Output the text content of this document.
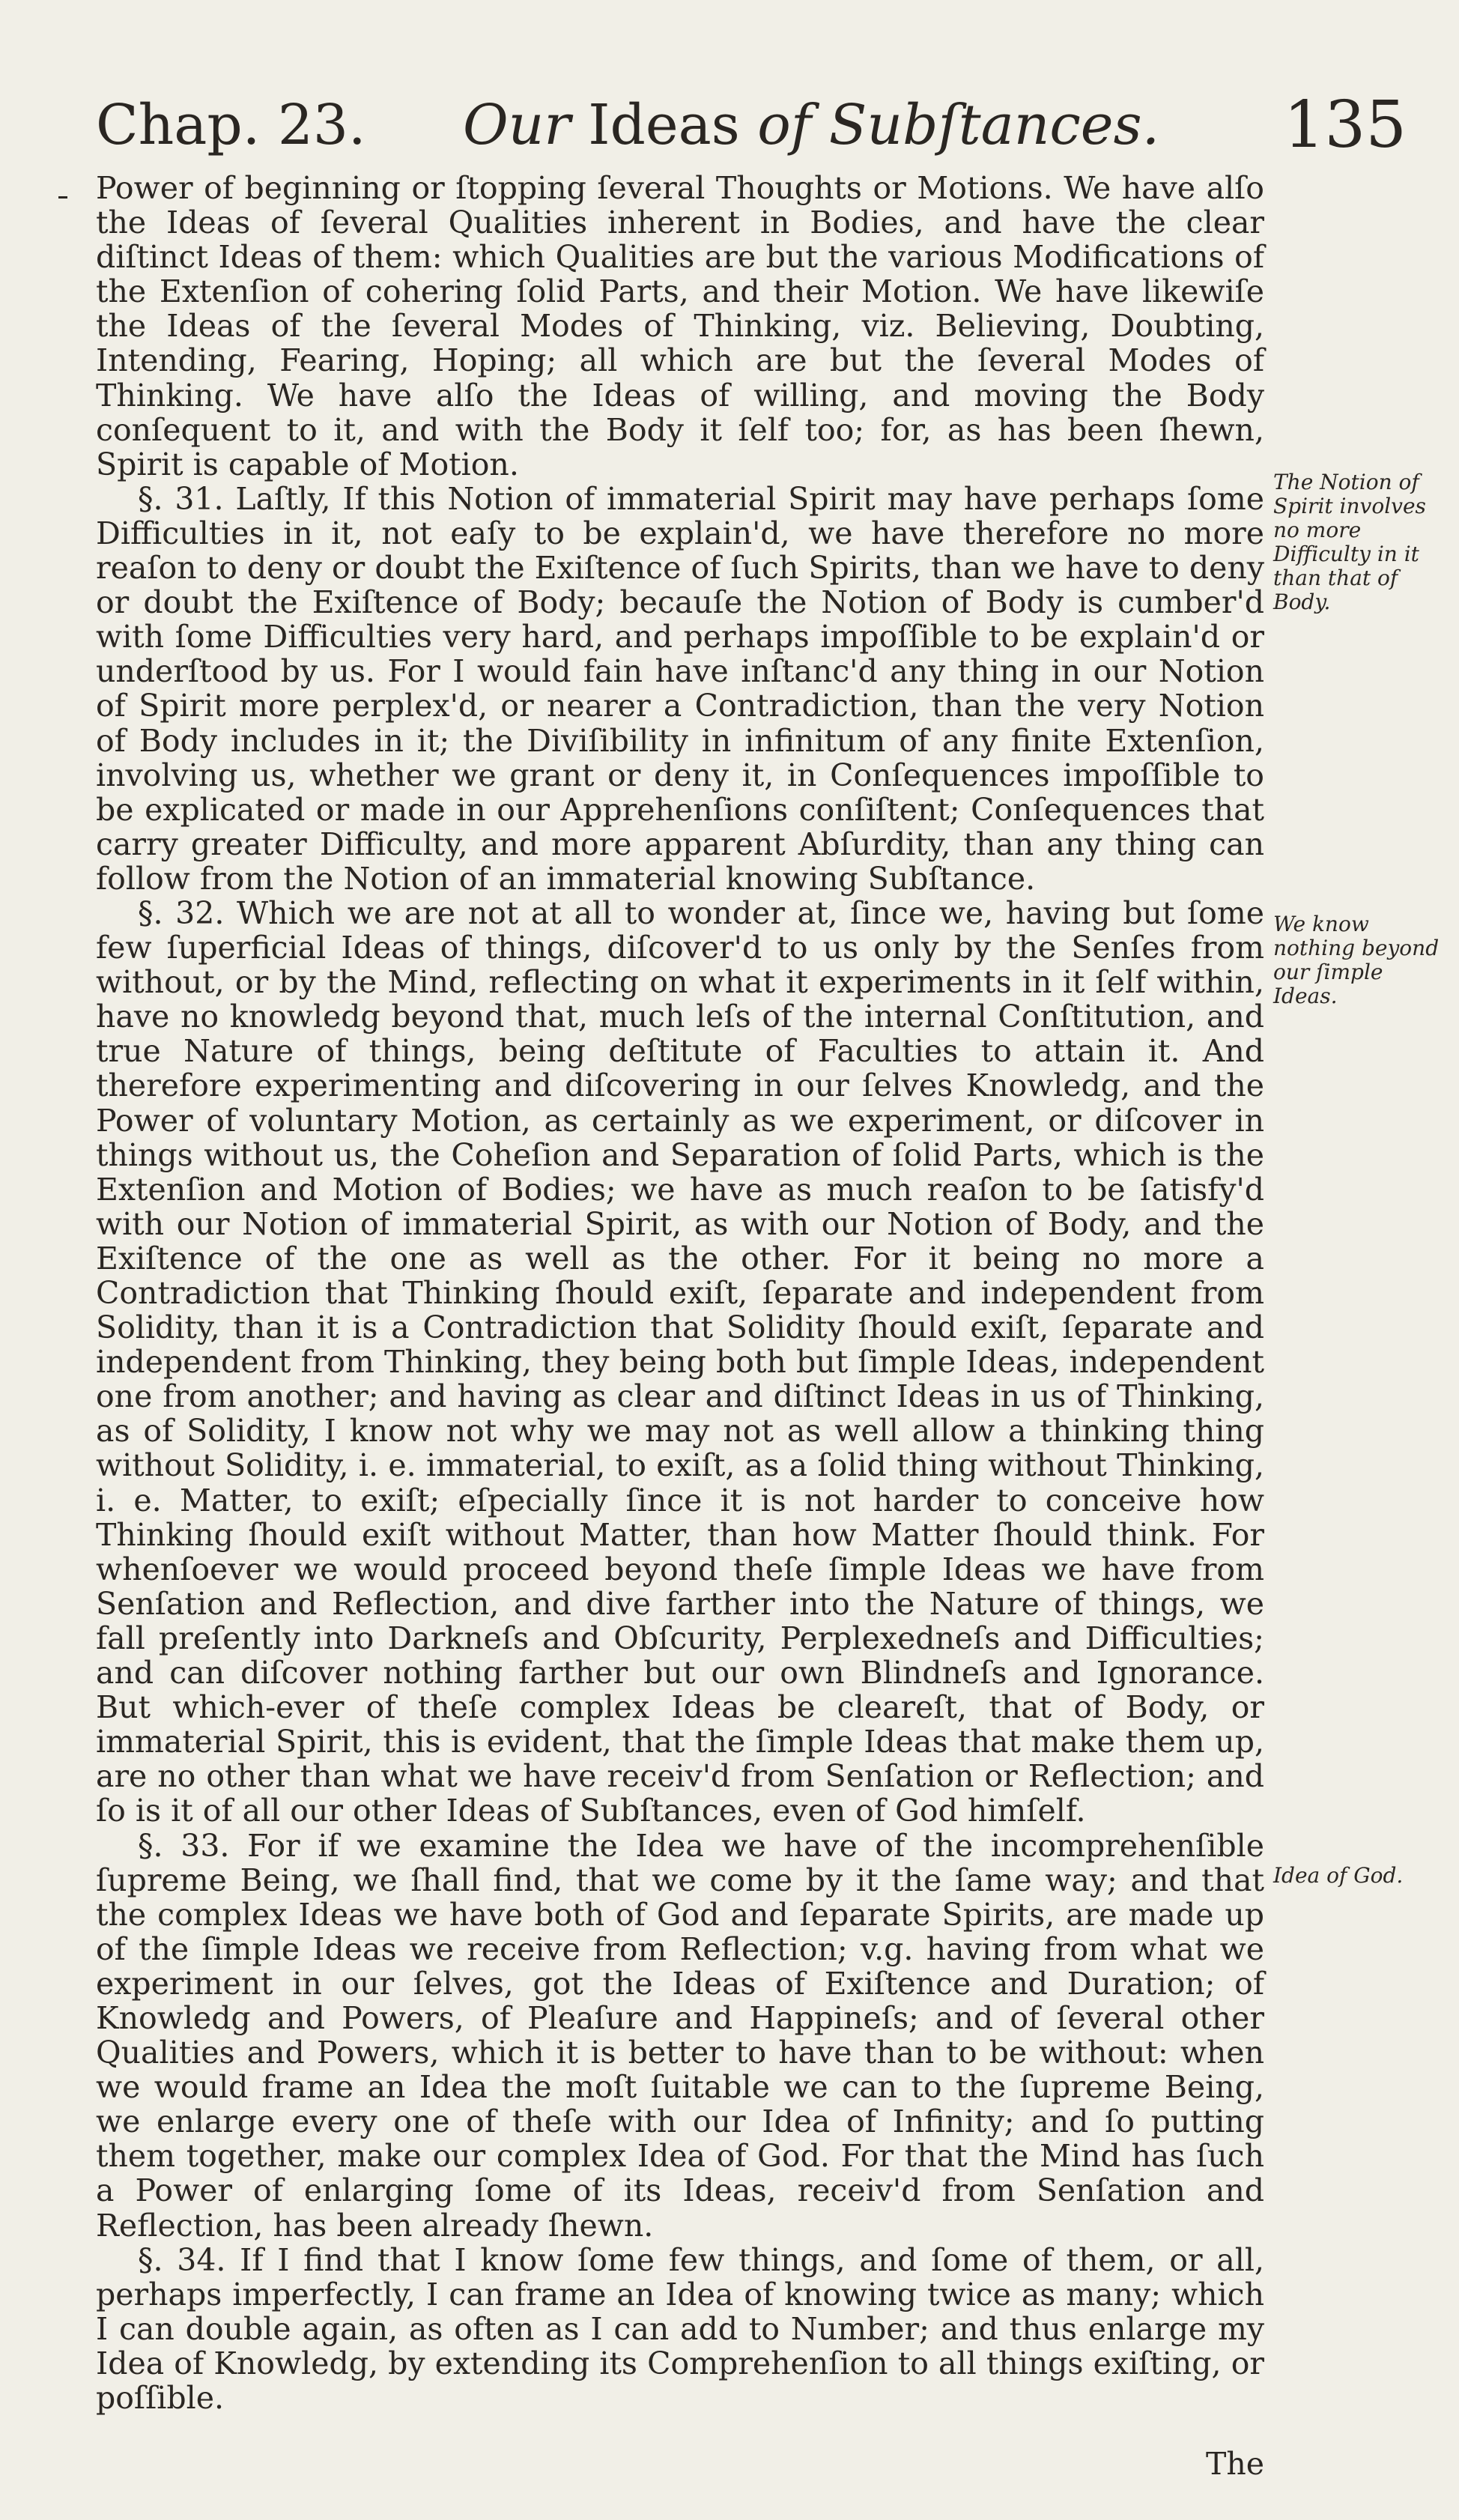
Chap. 23. Our Ideas of Subſtances. 135

Power of beginning or ſtopping ſeveral Thoughts or Motions. We have alſo the Ideas of ſeveral Qualities inherent in Bodies, and have the clear diſtinct Ideas of them: which Qualities are but the various Modifications of the Extenſion of cohering ſolid Parts, and their Motion. We have likewiſe the Ideas of the ſeveral Modes of Thinking, viz. Believing, Doubting, Intending, Fearing, Hoping; all which are but the ſeveral Modes of Thinking. We have alſo the Ideas of willing, and moving the Body conſequent to it, and with the Body it ſelf too; for, as has been ſhewn, Spirit is capable of Motion.

§. 31. Laſtly, If this Notion of immaterial Spirit may have perhaps ſome Difficulties in it, not eaſy to be explain'd, we have therefore no more reaſon to deny or doubt the Exiſtence of ſuch Spirits, than we have to deny or doubt the Exiſtence of Body; becauſe the Notion of Body is cumber'd with ſome Difficulties very hard, and perhaps impoſſible to be explain'd or underſtood by us. For I would fain have inſtanc'd any thing in our Notion of Spirit more perplex'd, or nearer a Contradiction, than the very Notion of Body includes in it; the Diviſibility in infinitum of any finite Extenſion, involving us, whether we grant or deny it, in Conſequences impoſſible to be explicated or made in our Apprehenſions conſiſtent; Conſequences that carry greater Difficulty, and more apparent Abſurdity, than any thing can follow from the Notion of an immaterial knowing Subſtance.

§. 32. Which we are not at all to wonder at, ſince we, having but ſome few ſuperficial Ideas of things, diſcover'd to us only by the Senſes from without, or by the Mind, reflecting on what it experiments in it ſelf within, have no knowledg beyond that, much leſs of the internal Conſtitution, and true Nature of things, being deſtitute of Faculties to attain it. And therefore experimenting and diſcovering in our ſelves Knowledg, and the Power of voluntary Motion, as certainly as we experiment, or diſcover in things without us, the Coheſion and Separation of ſolid Parts, which is the Extenſion and Motion of Bodies; we have as much reaſon to be ſatisfy'd with our Notion of immaterial Spirit, as with our Notion of Body, and the Exiſtence of the one as well as the other. For it being no more a Contradiction that Thinking ſhould exiſt, ſeparate and independent from Solidity, than it is a Contradiction that Solidity ſhould exiſt, ſeparate and independent from Thinking, they being both but ſimple Ideas, independent one from another; and having as clear and diſtinct Ideas in us of Thinking, as of Solidity, I know not why we may not as well allow a thinking thing without Solidity, i. e. immaterial, to exiſt, as a ſolid thing without Thinking, i. e. Matter, to exiſt; eſpecially ſince it is not harder to conceive how Thinking ſhould exiſt without Matter, than how Matter ſhould think. For whenſoever we would proceed beyond theſe ſimple Ideas we have from Senſation and Reflection, and dive farther into the Nature of things, we fall preſently into Darkneſs and Obſcurity, Perplexedneſs and Difficulties; and can diſcover nothing farther but our own Blindneſs and Ignorance. But which-ever of theſe complex Ideas be cleareſt, that of Body, or immaterial Spirit, this is evident, that the ſimple Ideas that make them up, are no other than what we have receiv'd from Senſation or Reflection; and ſo is it of all our other Ideas of Subſtances, even of God himſelf.

§. 33. For if we examine the Idea we have of the incomprehenſible ſupreme Being, we ſhall find, that we come by it the ſame way; and that the complex Ideas we have both of God and ſeparate Spirits, are made up of the ſimple Ideas we receive from Reflection; v.g. having from what we experiment in our ſelves, got the Ideas of Exiſtence and Duration; of Knowledg and Powers, of Pleaſure and Happineſs; and of ſeveral other Qualities and Powers, which it is better to have than to be without: when we would frame an Idea the moſt ſuitable we can to the ſupreme Being, we enlarge every one of theſe with our Idea of Infinity; and ſo putting them together, make our complex Idea of God. For that the Mind has ſuch a Power of enlarging ſome of its Ideas, receiv'd from Senſation and Reflection, has been already ſhewn.

§. 34. If I find that I know ſome few things, and ſome of them, or all, perhaps imperfectly, I can frame an Idea of knowing twice as many; which I can double again, as often as I can add to Number; and thus enlarge my Idea of Knowledg, by extending its Comprehenſion to all things exiſting, or poſſible.

The Notion of Spirit involves no more Difficulty in it than that of Body.
We know nothing beyond our ſimple Ideas.
Idea of God.
The
